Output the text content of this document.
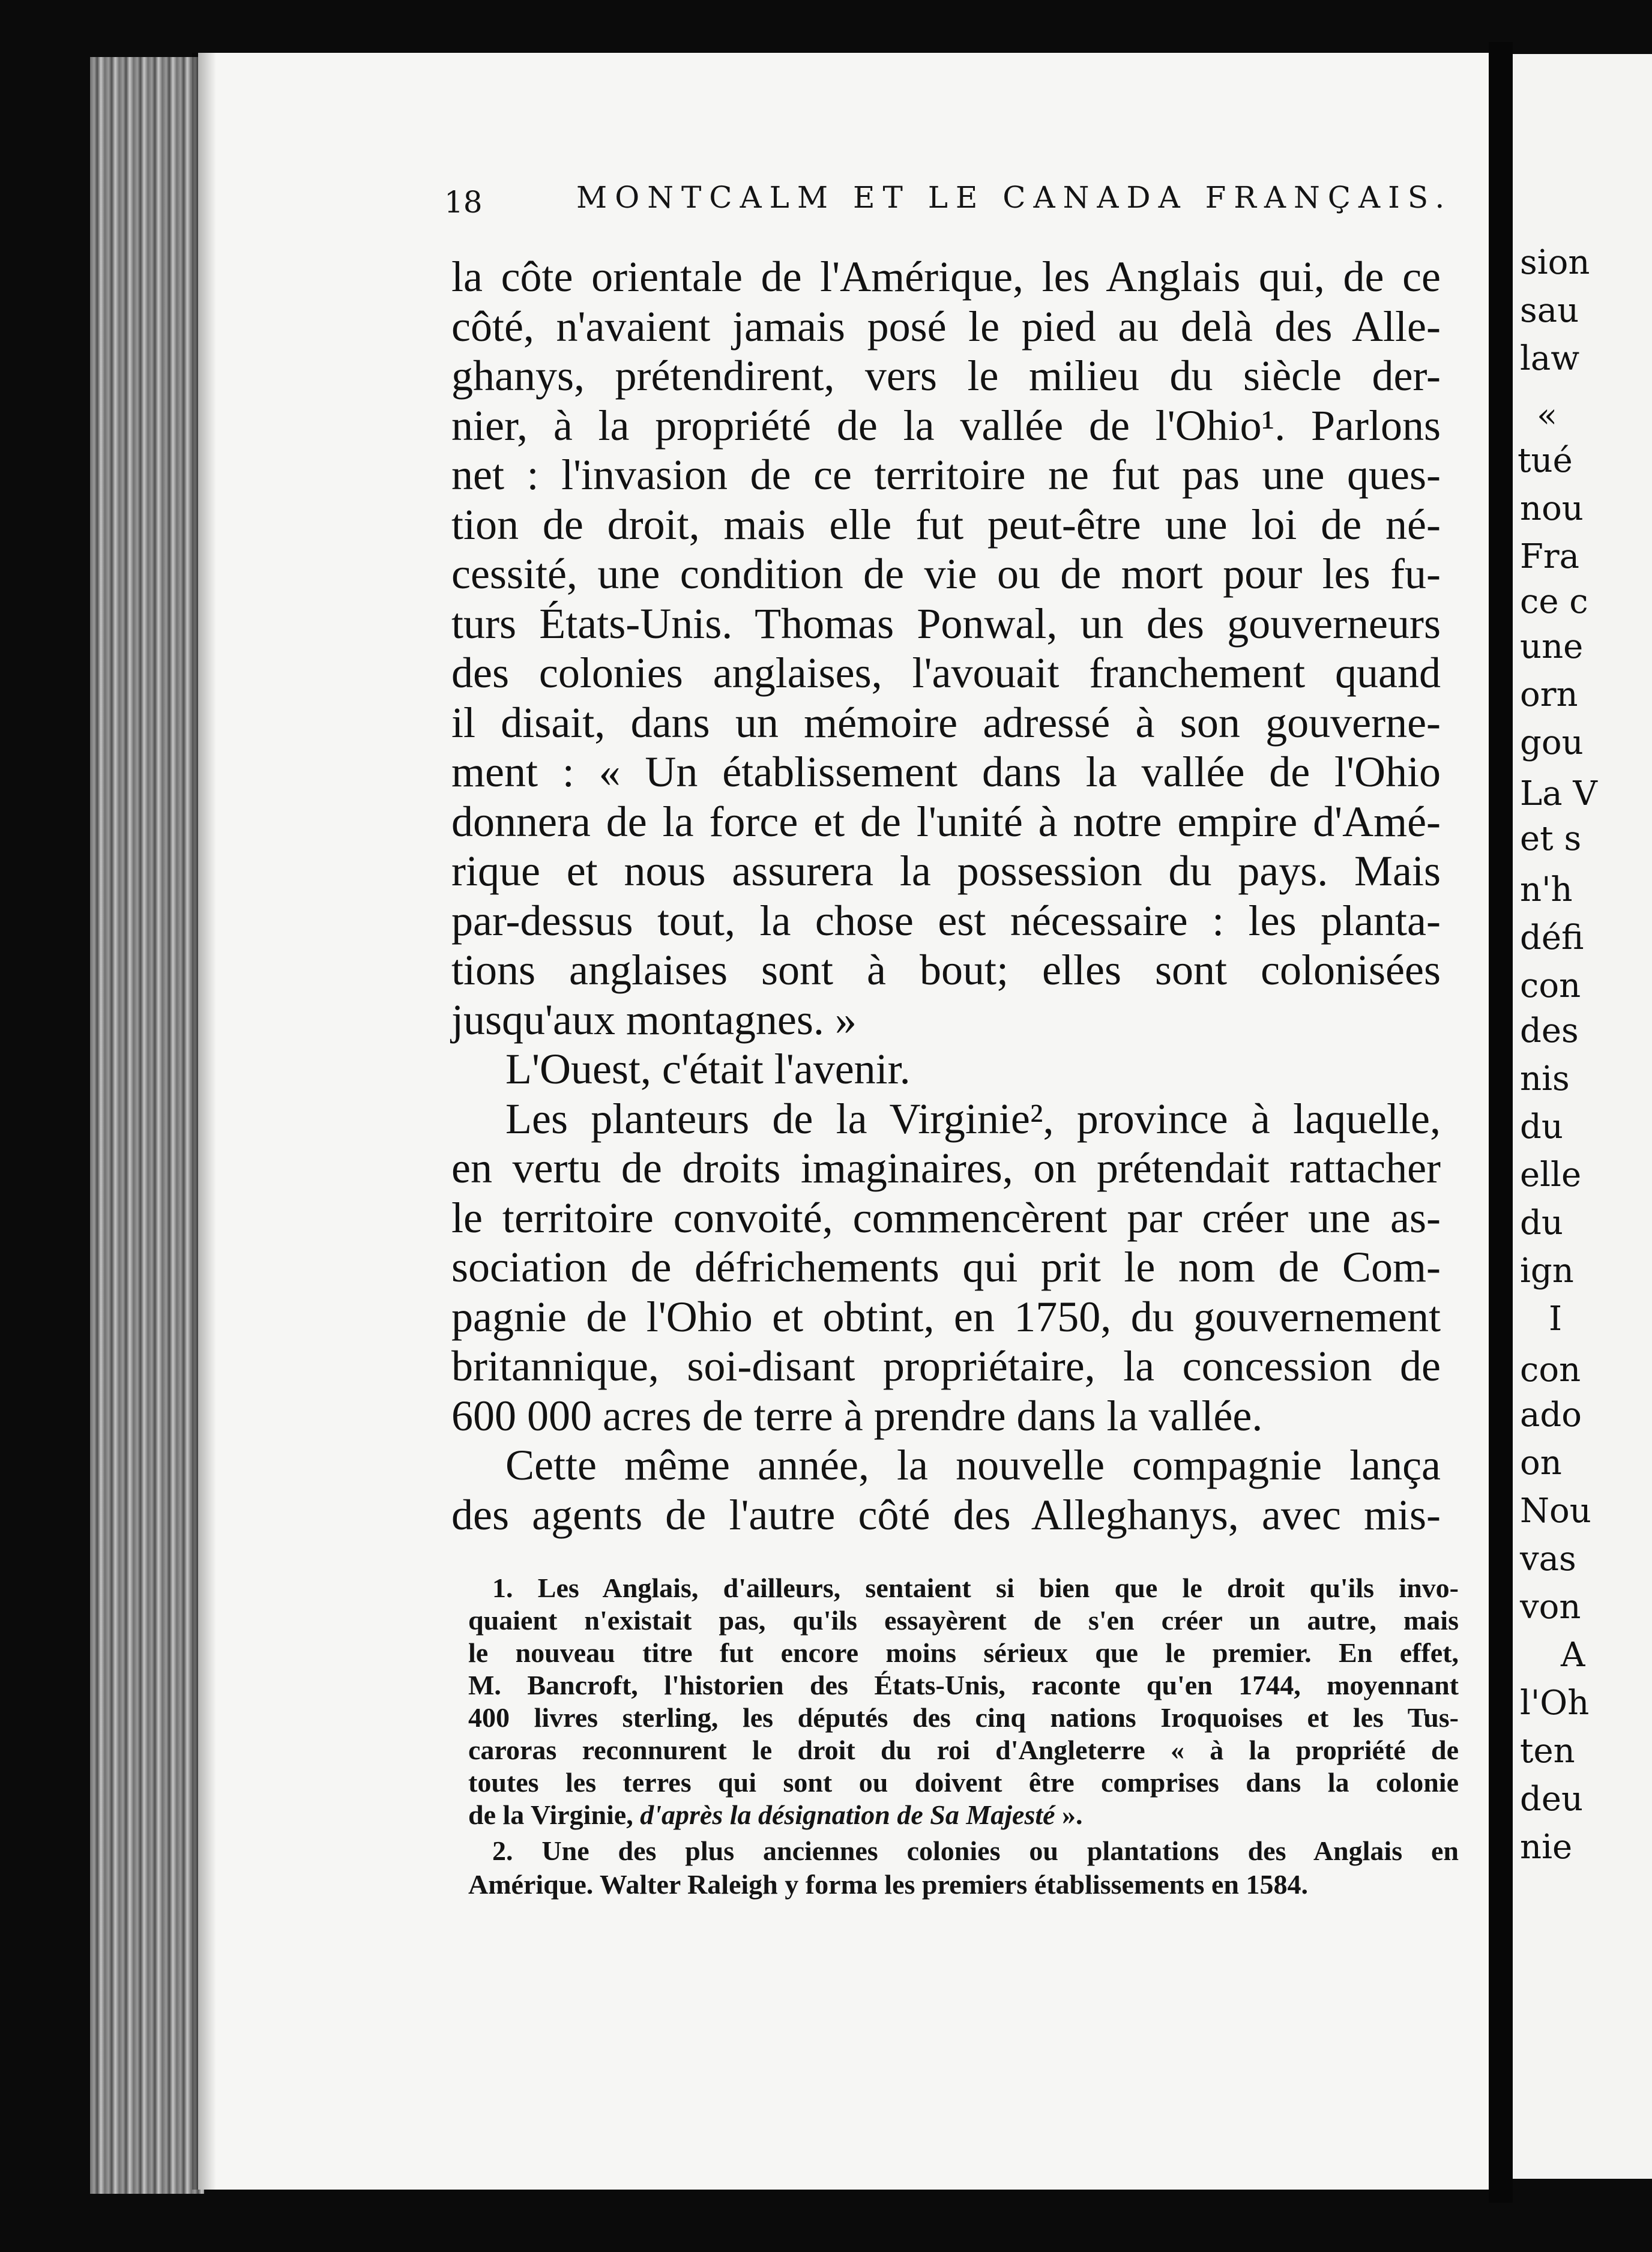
18	MONTCALM ET LE CANADA FRANÇAIS.
la côte orientale de l'Amérique, les Anglais qui, de ce
côté, n'avaient jamais posé le pied au delà des Alle-
ghanys, prétendirent, vers le milieu du siècle der-
nier, à la propriété de la vallée de l'Ohio¹. Parlons
net : l'invasion de ce territoire ne fut pas une ques-
tion de droit, mais elle fut peut-être une loi de né-
cessité, une condition de vie ou de mort pour les fu-
turs États-Unis. Thomas Ponwal, un des gouverneurs
des colonies anglaises, l'avouait franchement quand
il disait, dans un mémoire adressé à son gouverne-
ment : « Un établissement dans la vallée de l'Ohio
donnera de la force et de l'unité à notre empire d'Amé-
rique et nous assurera la possession du pays. Mais
par-dessus tout, la chose est nécessaire : les planta-
tions anglaises sont à bout; elles sont colonisées
jusqu'aux montagnes. »
L'Ouest, c'était l'avenir.
Les planteurs de la Virginie², province à laquelle,
en vertu de droits imaginaires, on prétendait rattacher
le territoire convoité, commencèrent par créer une as-
sociation de défrichements qui prit le nom de Com-
pagnie de l'Ohio et obtint, en 1750, du gouvernement
britannique, soi-disant propriétaire, la concession de
600 000 acres de terre à prendre dans la vallée.
Cette même année, la nouvelle compagnie lança
des agents de l'autre côté des Alleghanys, avec mis-
1. Les Anglais, d'ailleurs, sentaient si bien que le droit qu'ils invo-
quaient n'existait pas, qu'ils essayèrent de s'en créer un autre, mais
le nouveau titre fut encore moins sérieux que le premier. En effet,
M. Bancroft, l'historien des États-Unis, raconte qu'en 1744, moyennant
400 livres sterling, les députés des cinq nations Iroquoises et les Tus-
caroras reconnurent le droit du roi d'Angleterre « à la propriété de
toutes les terres qui sont ou doivent être comprises dans la colonie
de la Virginie, d'après la désignation de Sa Majesté ».
2. Une des plus anciennes colonies ou plantations des Anglais en
Amérique. Walter Raleigh y forma les premiers établissements en 1584.
sion
sau
law
«
tué
nou
Fra
ce c
une
orn
gou
La V
et s
n'h
défi
con
des
nis
du
elle
du
ign
I
con
ado
on
Nou
vas
von
A
l'Oh
ten
deu
nie
